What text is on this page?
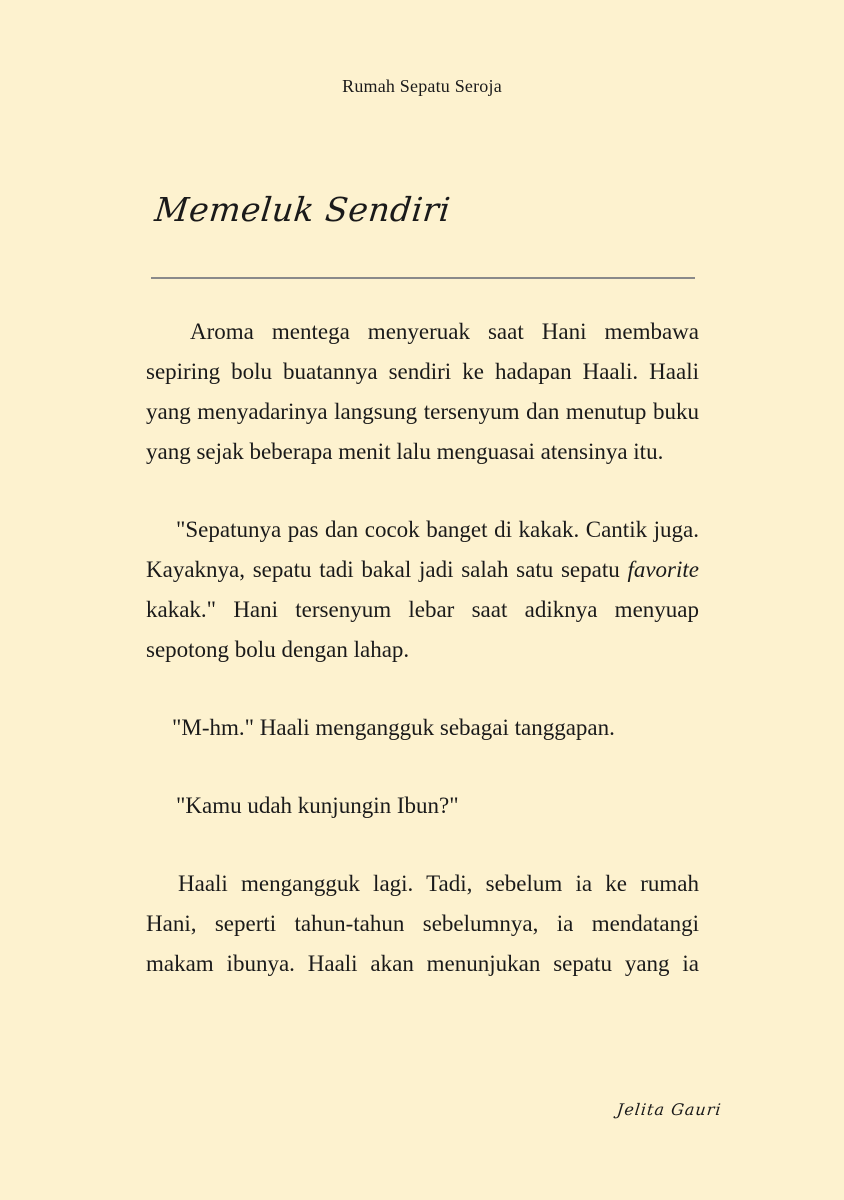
Rumah Sepatu Seroja
Memeluk Sendiri

Aroma mentega menyeruak saat Hani membawa sepiring bolu buatannya sendiri ke hadapan Haali. Haali yang menyadarinya langsung tersenyum dan menutup buku yang sejak beberapa menit lalu menguasai atensinya itu.

"Sepatunya pas dan cocok banget di kakak. Cantik juga. Kayaknya, sepatu tadi bakal jadi salah satu sepatu favorite kakak." Hani tersenyum lebar saat adiknya menyuap sepotong bolu dengan lahap.

"M-hm." Haali mengangguk sebagai tanggapan.

"Kamu udah kunjungin Ibun?"

Haali mengangguk lagi. Tadi, sebelum ia ke rumah Hani, seperti tahun-tahun sebelumnya, ia mendatangi makam ibunya. Haali akan menunjukan sepatu yang ia

Jelita Gauri
